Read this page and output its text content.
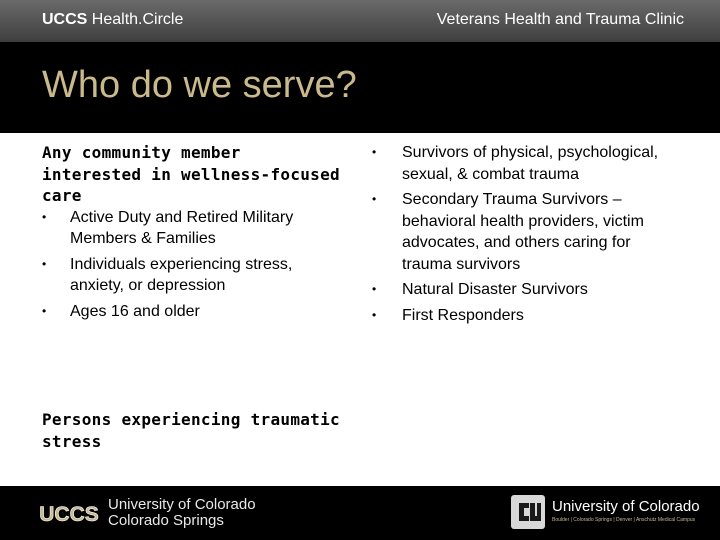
UCCS Health.Circle	Veterans Health and Trauma Clinic
Who do we serve?

Any community member interested in wellness-focused care

• Active Duty and Retired Military Members & Families
• Individuals experiencing stress, anxiety, or depression
• Ages 16 and older

Persons experiencing traumatic stress

• Survivors of physical, psychological, sexual, & combat trauma
• Secondary Trauma Survivors – behavioral health providers, victim advocates, and others caring for trauma survivors
• Natural Disaster Survivors
• First Responders
UCCS University of Colorado
Colorado Springs
University of Colorado
Boulder | Colorado Springs | Denver | Anschutz Medical Campus
